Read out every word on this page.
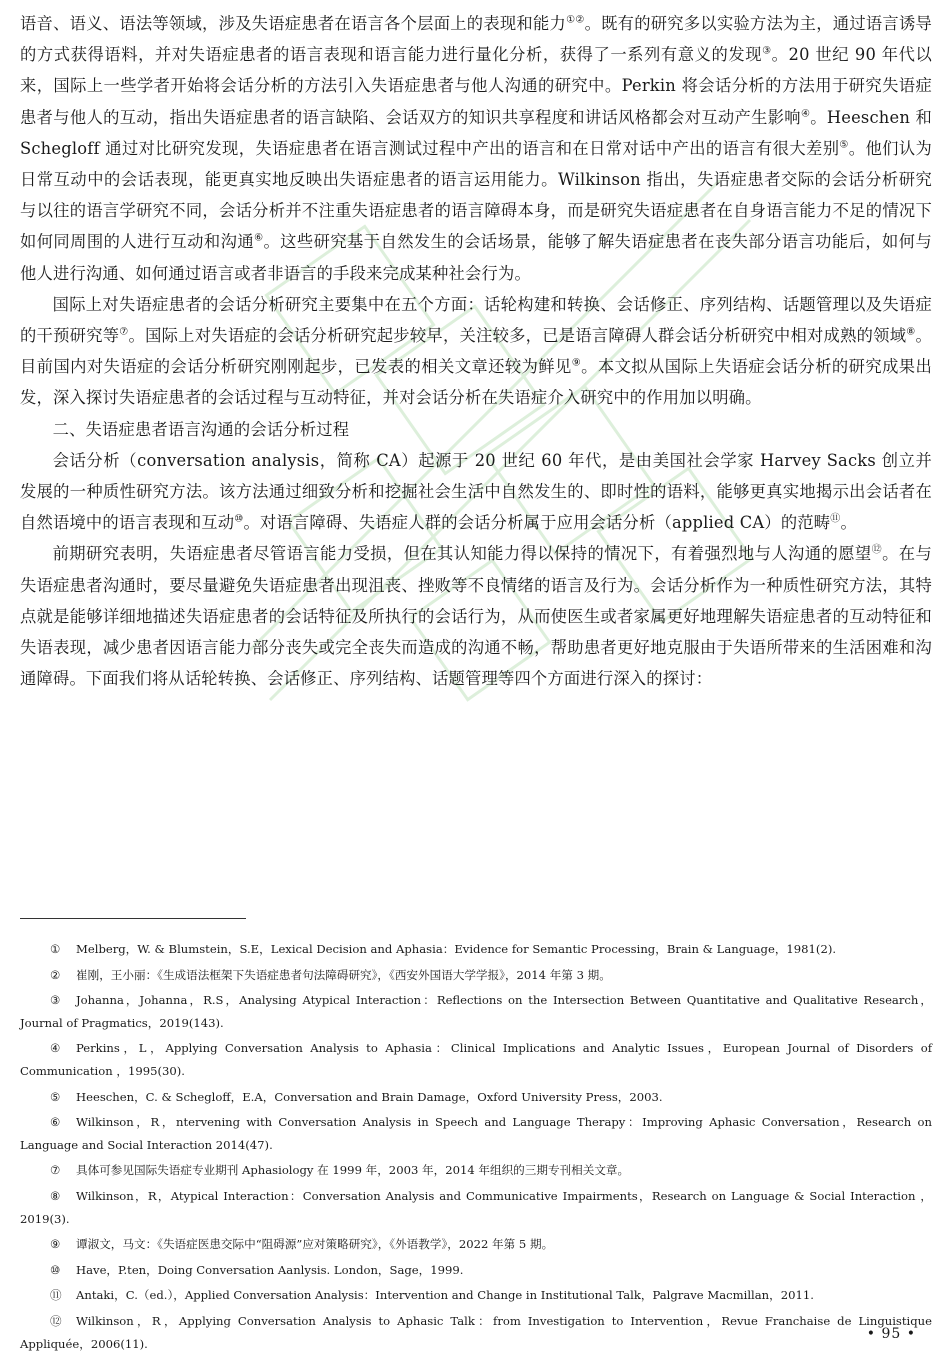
语音、语义、语法等领域，涉及失语症患者在语言各个层面上的表现和能力①②。既有的研究多以实验方法为主，通过语言诱导的方式获得语料，并对失语症患者的语言表现和语言能力进行量化分析，获得了一系列有意义的发现③。20 世纪 90 年代以来，国际上一些学者开始将会话分析的方法引入失语症患者与他人沟通的研究中。Perkin 将会话分析的方法用于研究失语症患者与他人的互动，指出失语症患者的语言缺陷、会话双方的知识共享程度和讲话风格都会对互动产生影响④。Heeschen 和 Schegloff 通过对比研究发现，失语症患者在语言测试过程中产出的语言和在日常对话中产出的语言有很大差别⑤。他们认为日常互动中的会话表现，能更真实地反映出失语症患者的语言运用能力。Wilkinson 指出，失语症患者交际的会话分析研究与以往的语言学研究不同，会话分析并不注重失语症患者的语言障碍本身，而是研究失语症患者在自身语言能力不足的情况下如何同周围的人进行互动和沟通⑥。这些研究基于自然发生的会话场景，能够了解失语症患者在丧失部分语言功能后，如何与他人进行沟通、如何通过语言或者非语言的手段来完成某种社会行为。

国际上对失语症患者的会话分析研究主要集中在五个方面：话轮构建和转换、会话修正、序列结构、话题管理以及失语症的干预研究等⑦。国际上对失语症的会话分析研究起步较早，关注较多，已是语言障碍人群会话分析研究中相对成熟的领域⑧。目前国内对失语症的会话分析研究刚刚起步，已发表的相关文章还较为鲜见⑨。本文拟从国际上失语症会话分析的研究成果出发，深入探讨失语症患者的会话过程与互动特征，并对会话分析在失语症介入研究中的作用加以明确。

二、失语症患者语言沟通的会话分析过程

会话分析（conversation analysis，简称 CA）起源于 20 世纪 60 年代，是由美国社会学家 Harvey Sacks 创立并发展的一种质性研究方法。该方法通过细致分析和挖掘社会生活中自然发生的、即时性的语料，能够更真实地揭示出会话者在自然语境中的语言表现和互动⑩。对语言障碍、失语症人群的会话分析属于应用会话分析（applied CA）的范畴⑪。

前期研究表明，失语症患者尽管语言能力受损，但在其认知能力得以保持的情况下，有着强烈地与人沟通的愿望⑫。在与失语症患者沟通时，要尽量避免失语症患者出现沮丧、挫败等不良情绪的语言及行为。会话分析作为一种质性研究方法，其特点就是能够详细地描述失语症患者的会话特征及所执行的会话行为，从而使医生或者家属更好地理解失语症患者的互动特征和失语表现，减少患者因语言能力部分丧失或完全丧失而造成的沟通不畅，帮助患者更好地克服由于失语所带来的生活困难和沟通障碍。下面我们将从话轮转换、会话修正、序列结构、话题管理等四个方面进行深入的探讨：

① Melberg，W. & Blumstein，S.E，Lexical Decision and Aphasia：Evidence for Semantic Processing，Brain & Language，1981(2).

② 崔刚，王小丽：《生成语法框架下失语症患者句法障碍研究》，《西安外国语大学学报》，2014 年第 3 期。

③ Johanna，Johanna，R.S，Analysing Atypical Interaction：Reflections on the Intersection Between Quantitative and Qualitative Research，Journal of Pragmatics，2019(143).

④ Perkins，L，Applying Conversation Analysis to Aphasia：Clinical Implications and Analytic Issues，European Journal of Disorders of Communication ，1995(30).

⑤ Heeschen，C. & Schegloff，E.A，Conversation and Brain Damage，Oxford University Press，2003.

⑥ Wilkinson，R，ntervening with Conversation Analysis in Speech and Language Therapy：Improving Aphasic Conversation，Research on Language and Social Interaction 2014(47).

⑦ 具体可参见国际失语症专业期刊 Aphasiology 在 1999 年，2003 年，2014 年组织的三期专刊相关文章。

⑧ Wilkinson，R，Atypical Interaction：Conversation Analysis and Communicative Impairments，Research on Language & Social Interaction ，2019(3).

⑨ 谭淑文，马文：《失语症医患交际中“阻碍源”应对策略研究》，《外语教学》，2022 年第 5 期。

⑩ Have，P.ten，Doing Conversation Aanlysis. London，Sage，1999.

⑪ Antaki，C.（ed.），Applied Conversation Analysis：Intervention and Change in Institutional Talk，Palgrave Macmillan，2011.

⑫ Wilkinson，R，Applying Conversation Analysis to Aphasic Talk：from Investigation to Intervention，Revue Franchaise de Linguistique Appliquée，2006(11).

• 95 •
